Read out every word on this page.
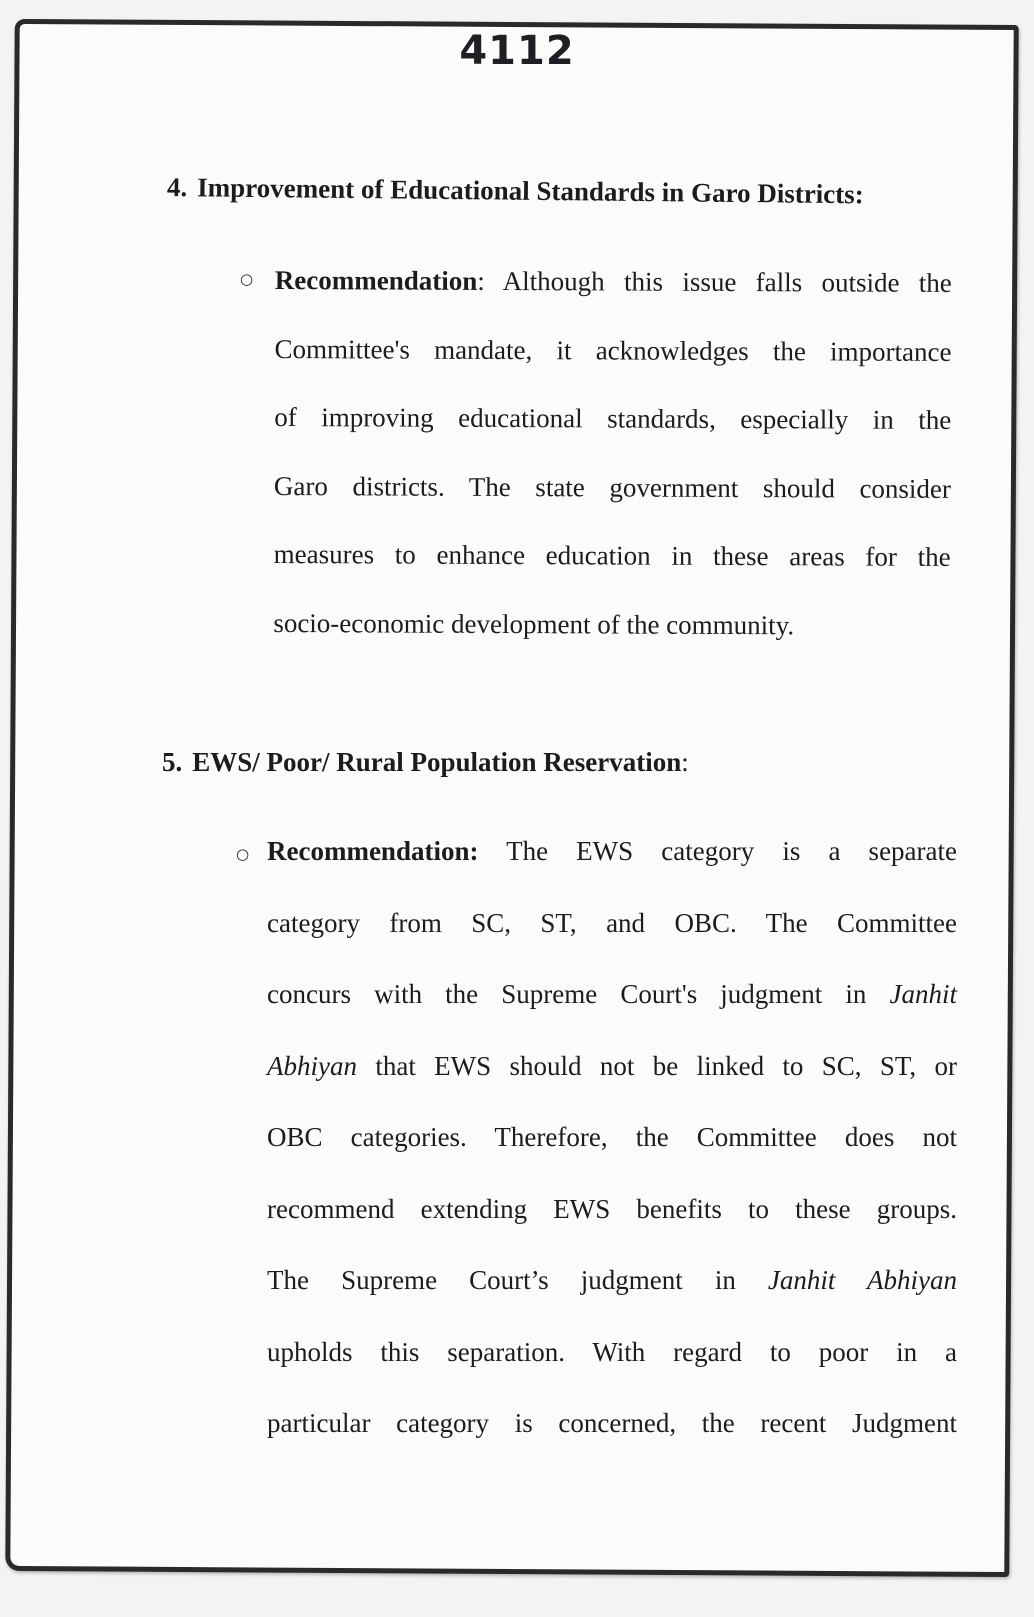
4112
4. Improvement of Educational Standards in Garo Districts:
○ Recommendation: Although this issue falls outside the
Committee's mandate, it acknowledges the importance
of improving educational standards, especially in the
Garo districts. The state government should consider
measures to enhance education in these areas for the
socio-economic development of the community.
5. EWS/ Poor/ Rural Population Reservation:
○ Recommendation: The EWS category is a separate
category from SC, ST, and OBC. The Committee
concurs with the Supreme Court's judgment in Janhit
Abhiyan that EWS should not be linked to SC, ST, or
OBC categories. Therefore, the Committee does not
recommend extending EWS benefits to these groups.
The Supreme Court’s judgment in Janhit Abhiyan
upholds this separation. With regard to poor in a
particular category is concerned, the recent Judgment
